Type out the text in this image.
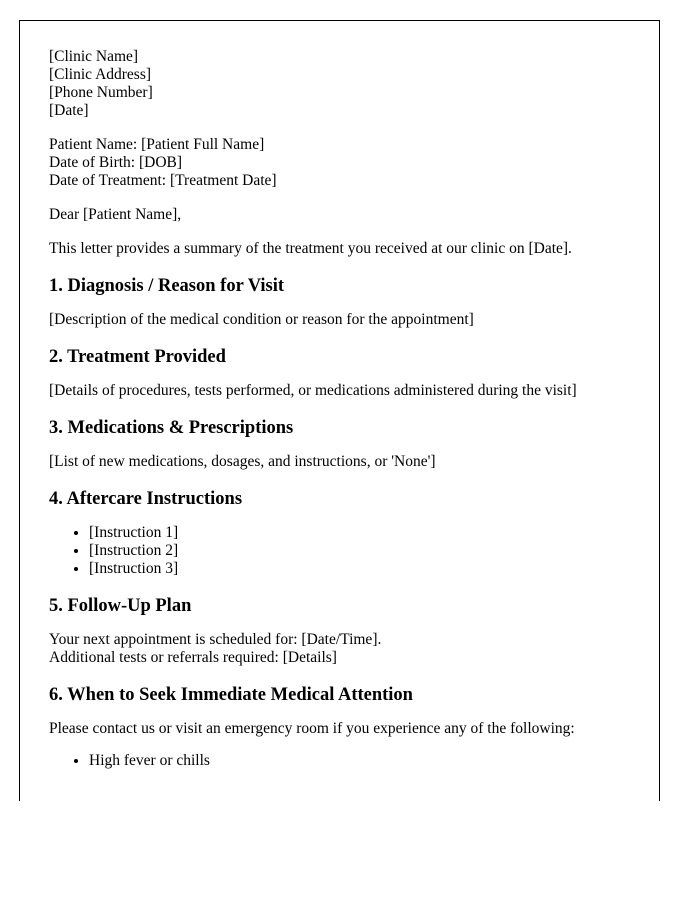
[Clinic Name]

[Clinic Address]

[Phone Number]

[Date]

Patient Name: [Patient Full Name]

Date of Birth: [DOB]

Date of Treatment: [Treatment Date]

Dear [Patient Name],

This letter provides a summary of the treatment you received at our clinic on [Date].

1. Diagnosis / Reason for Visit

[Description of the medical condition or reason for the appointment]

2. Treatment Provided

[Details of procedures, tests performed, or medications administered during the visit]

3. Medications & Prescriptions

[List of new medications, dosages, and instructions, or 'None']

4. Aftercare Instructions
• [Instruction 1]
• [Instruction 2]
• [Instruction 3]
5. Follow-Up Plan

Your next appointment is scheduled for: [Date/Time].

Additional tests or referrals required: [Details]

6. When to Seek Immediate Medical Attention

Please contact us or visit an emergency room if you experience any of the following:

• High fever or chills
